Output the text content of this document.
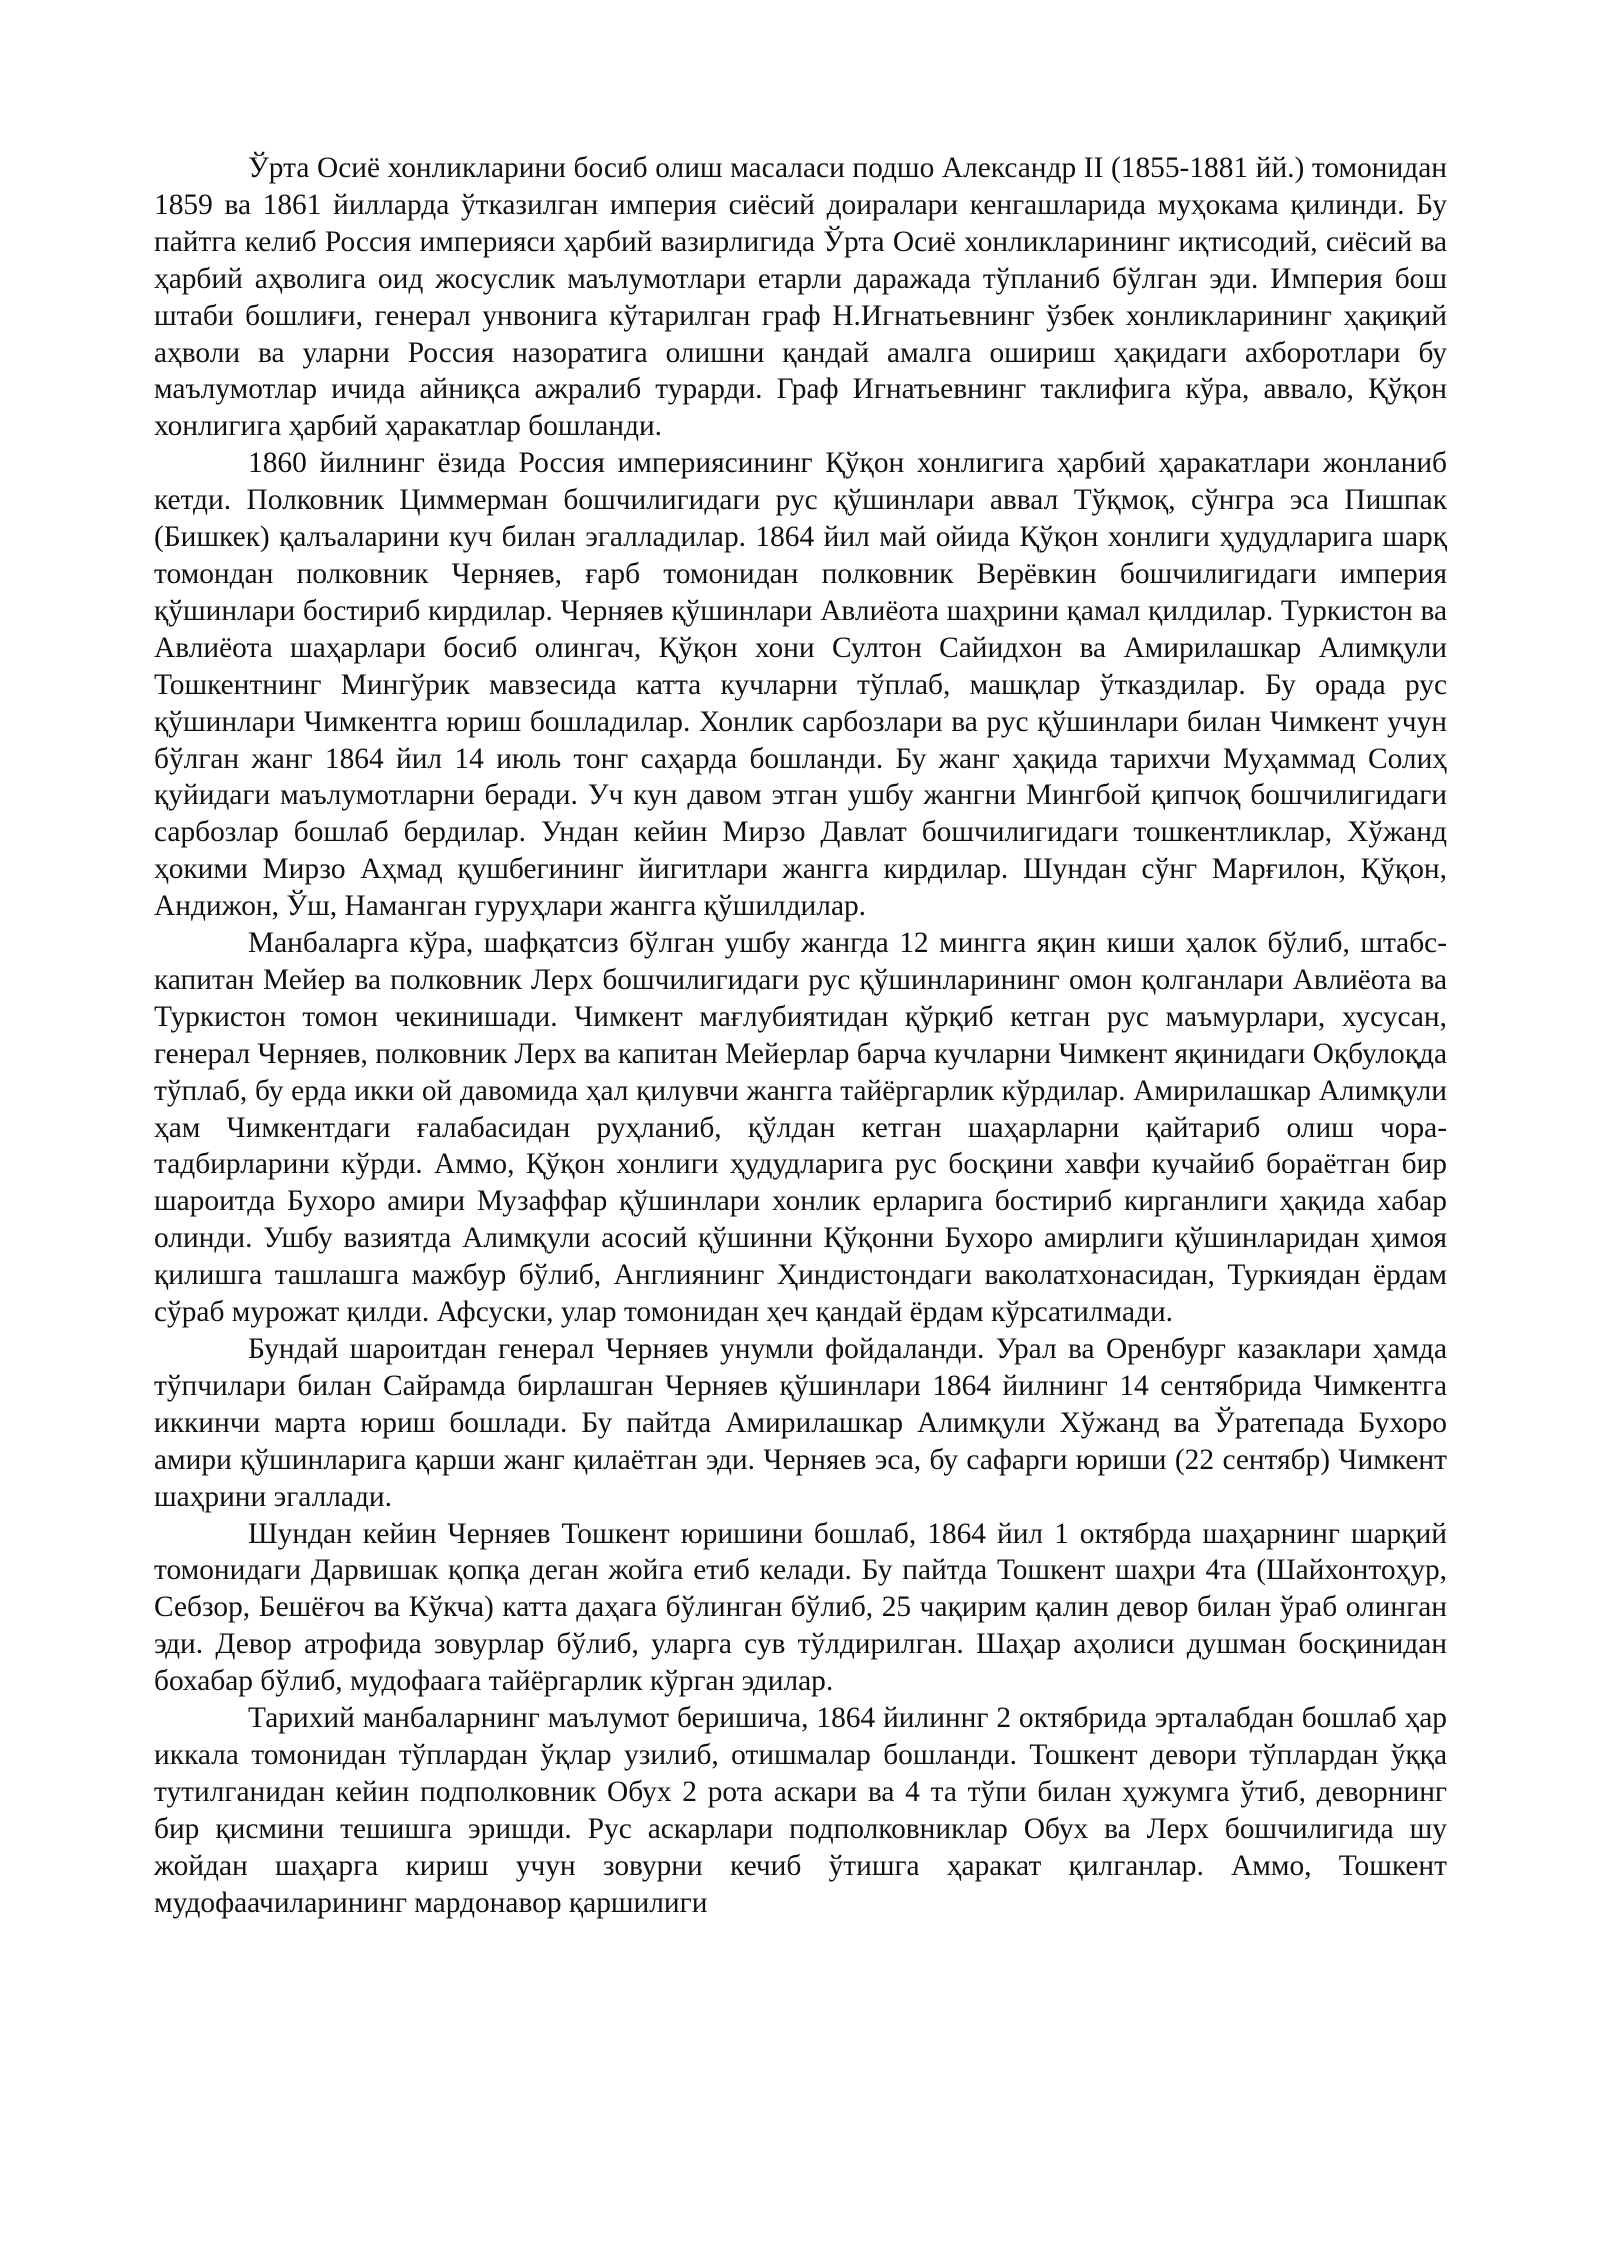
Ўрта Осиё хонликларини босиб олиш масаласи подшо Александр II (1855-1881 йй.) томонидан 1859 ва 1861 йилларда ўтказилган империя сиёсий доиралари кенгашларида муҳокама қилинди. Бу пайтга келиб Россия империяси ҳарбий вазирлигида Ўрта Осиё хонликларининг иқтисодий, сиёсий ва ҳарбий аҳволига оид жосуслик маълумотлари етарли даражада тўпланиб бўлган эди. Империя бош штаби бошлиғи, генерал унвонига кўтарилган граф Н.Игнатьевнинг ўзбек хонликларининг ҳақиқий аҳволи ва уларни Россия назоратига олишни қандай амалга ошириш ҳақидаги ахборотлари бу маълумотлар ичида айниқса ажралиб турарди. Граф Игнатьевнинг таклифига кўра, аввало, Қўқон хонлигига ҳарбий ҳаракатлар бошланди.

1860 йилнинг ёзида Россия империясининг Қўқон хонлигига ҳарбий ҳаракатлари жонланиб кетди. Полковник Циммерман бошчилигидаги рус қўшинлари аввал Тўқмоқ, сўнгра эса Пишпак (Бишкек) қалъаларини куч билан эгалладилар. 1864 йил май ойида Қўқон хонлиги ҳудудларига шарқ томондан полковник Черняев, ғарб томонидан полковник Верёвкин бошчилигидаги империя қўшинлари бостириб кирдилар. Черняев қўшинлари Авлиёота шаҳрини қамал қилдилар. Туркистон ва Авлиёота шаҳарлари босиб олингач, Қўқон хони Султон Сайидхон ва Амирилашкар Алимқули Тошкентнинг Мингўрик мавзесида катта кучларни тўплаб, машқлар ўтказдилар. Бу орада рус қўшинлари Чимкентга юриш бошладилар. Хонлик сарбозлари ва рус қўшинлари билан Чимкент учун бўлган жанг 1864 йил 14 июль тонг саҳарда бошланди. Бу жанг ҳақида тарихчи Муҳаммад Солиҳ қуйидаги маълумотларни беради. Уч кун давом этган ушбу жангни Мингбой қипчоқ бошчилигидаги сарбозлар бошлаб бердилар. Ундан кейин Мирзо Давлат бошчилигидаги тошкентликлар, Хўжанд ҳокими Мирзо Аҳмад қушбегининг йигитлари жангга кирдилар. Шундан сўнг Марғилон, Қўқон, Андижон, Ўш, Наманган гуруҳлари жангга қўшилдилар.

Манбаларга кўра, шафқатсиз бўлган ушбу жангда 12 мингга яқин киши ҳалок бўлиб, штабс-капитан Мейер ва полковник Лерх бошчилигидаги рус қўшинларининг омон қолганлари Авлиёота ва Туркистон томон чекинишади. Чимкент мағлубиятидан қўрқиб кетган рус маъмурлари, хусусан, генерал Черняев, полковник Лерх ва капитан Мейерлар барча кучларни Чимкент яқинидаги Оқбулоқда тўплаб, бу ерда икки ой давомида ҳал қилувчи жангга тайёргарлик кўрдилар. Амирилашкар Алимқули ҳам Чимкентдаги ғалабасидан руҳланиб, қўлдан кетган шаҳарларни қайтариб олиш чора-тадбирларини кўрди. Аммо, Қўқон хонлиги ҳудудларига рус босқини хавфи кучайиб бораётган бир шароитда Бухоро амири Музаффар қўшинлари хонлик ерларига бостириб кирганлиги ҳақида хабар олинди. Ушбу вазиятда Алимқули асосий қўшинни Қўқонни Бухоро амирлиги қўшинларидан ҳимоя қилишга ташлашга мажбур бўлиб, Англиянинг Ҳиндистондаги ваколатхонасидан, Туркиядан ёрдам сўраб мурожат қилди. Афсуски, улар томонидан ҳеч қандай ёрдам кўрсатилмади.

Бундай шароитдан генерал Черняев унумли фойдаланди. Урал ва Оренбург казаклари ҳамда тўпчилари билан Сайрамда бирлашган Черняев қўшинлари 1864 йилнинг 14 сентябрида Чимкентга иккинчи марта юриш бошлади. Бу пайтда Амирилашкар Алимқули Хўжанд ва Ўратепада Бухоро амири қўшинларига қарши жанг қилаётган эди. Черняев эса, бу сафарги юриши (22 сентябр) Чимкент шаҳрини эгаллади.

Шундан кейин Черняев Тошкент юришини бошлаб, 1864 йил 1 октябрда шаҳарнинг шарқий томонидаги Дарвишак қопқа деган жойга етиб келади. Бу пайтда Тошкент шаҳри 4та (Шайхонтоҳур, Себзор, Бешёғоч ва Кўкча) катта даҳага бўлинган бўлиб, 25 чақирим қалин девор билан ўраб олинган эди. Девор атрофида зовурлар бўлиб, уларга сув тўлдирилган. Шаҳар аҳолиси душман босқинидан бохабар бўлиб, мудофаага тайёргарлик кўрган эдилар.

Тарихий манбаларнинг маълумот беришича, 1864 йилиннг 2 октябрида эрталабдан бошлаб ҳар иккала томонидан тўплардан ўқлар узилиб, отишмалар бошланди. Тошкент девори тўплардан ўққа тутилганидан кейин подполковник Обух 2 рота аскари ва 4 та тўпи билан ҳужумга ўтиб, деворнинг бир қисмини тешишга эришди. Рус аскарлари подполковниклар Обух ва Лерх бошчилигида шу жойдан шаҳарга кириш учун зовурни кечиб ўтишга ҳаракат қилганлар. Аммо, Тошкент мудофаачиларининг мардонавор қаршилиги
